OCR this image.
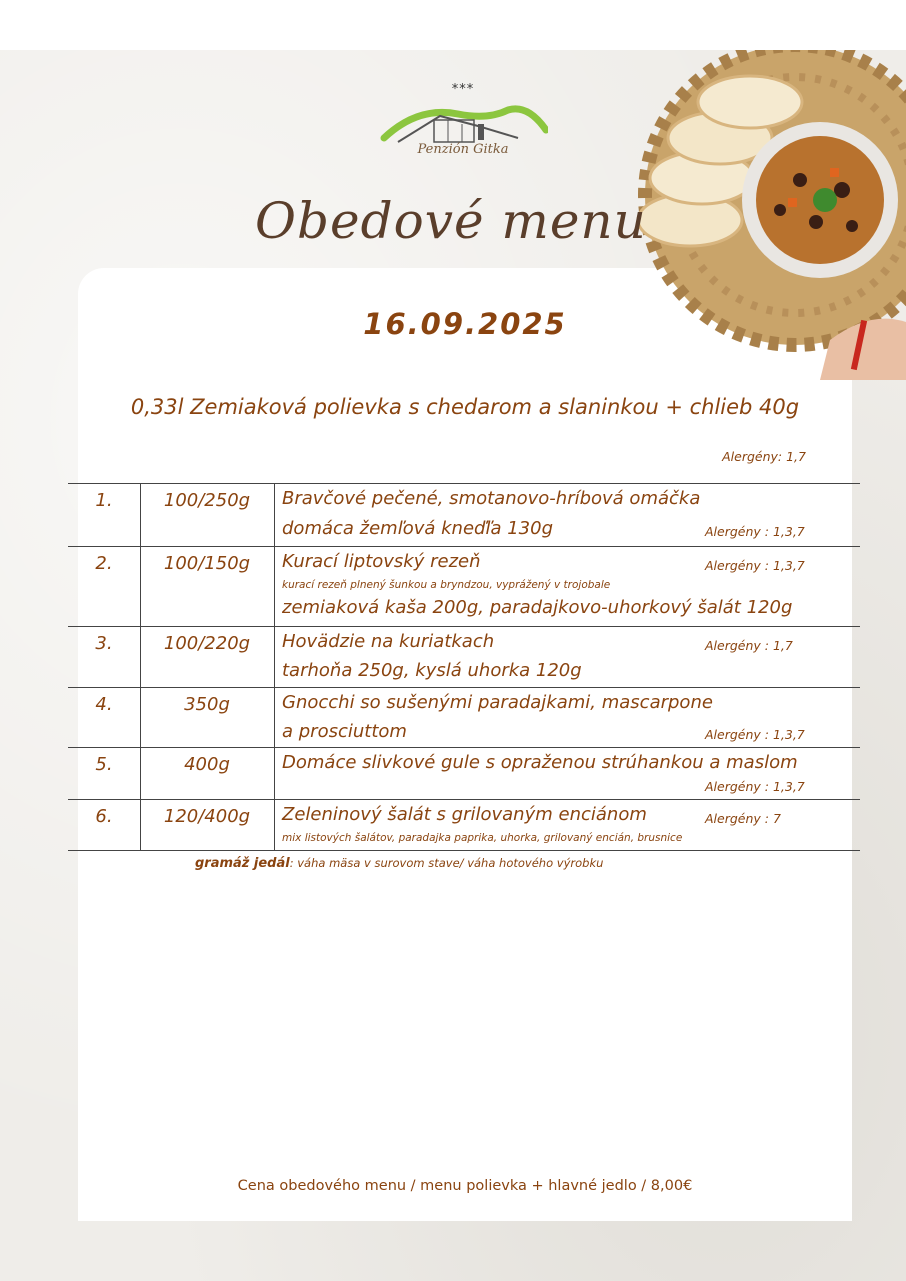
***
Penzión Gitka
Obedové menu
16.09.2025
0,33l Zemiaková polievka s chedarom a slaninkou + chlieb 40g
Alergény: 1,7
1.	100/250g	Bravčové pečené, smotanovo-hríbová omáčka
domáca žemľová kneďľa 130g	Alergény : 1,3,7
2.	100/150g	Kurací liptovský rezeň	Alergény : 1,3,7
kurací rezeň plnený šunkou a bryndzou, vyprážený v trojobale
zemiaková kaša 200g, paradajkovo-uhorkový šalát 120g
3.	100/220g	Hovädzie na kuriatkach	Alergény : 1,7
tarhoňa 250g, kyslá uhorka 120g
4.	350g	Gnocchi so sušenými paradajkami, mascarpone
a prosciuttom	Alergény : 1,3,7
5.	400g	Domáce slivkové gule s opraženou strúhankou a maslom
Alergény : 1,3,7
6.	120/400g	Zeleninový šalát s grilovaným enciánom	Alergény : 7
mix listových šalátov, paradajka paprika, uhorka, grilovaný encián, brusnice
gramáž jedál: váha mäsa v surovom stave/ váha hotového výrobku
Cena obedového menu / menu polievka + hlavné jedlo / 8,00€
